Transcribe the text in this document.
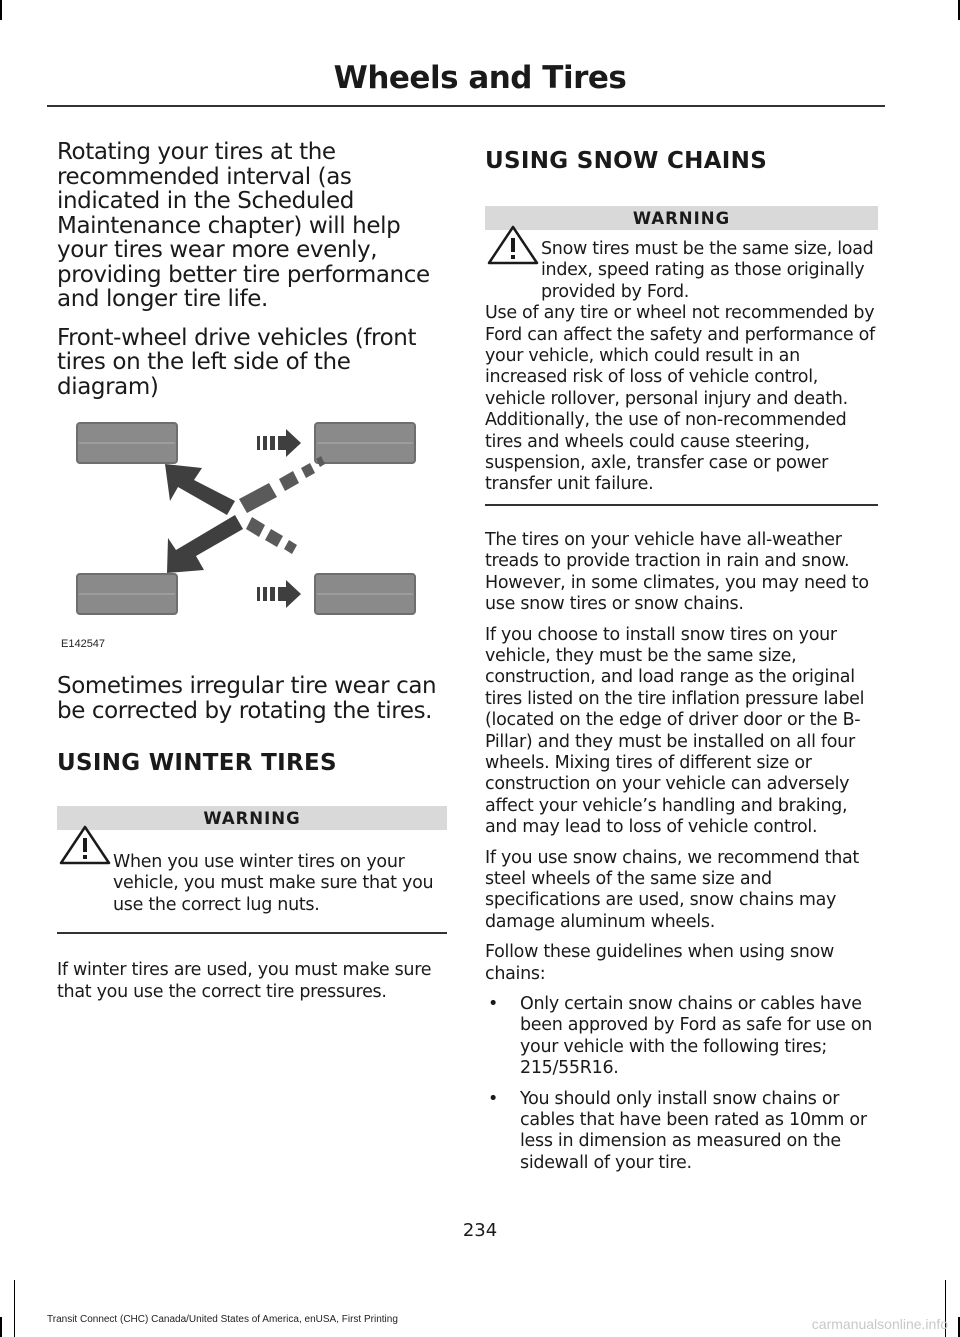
Wheels and Tires

Rotating your tires at the recommended interval (as indicated in the Scheduled Maintenance chapter) will help your tires wear more evenly, providing better tire performance and longer tire life.

Front-wheel drive vehicles (front tires on the left side of the diagram)

E142547

Sometimes irregular tire wear can be corrected by rotating the tires.

USING WINTER TIRES
WARNING
When you use winter tires on your vehicle, you must make sure that you use the correct lug nuts.

If winter tires are used, you must make sure that you use the correct tire pressures.

USING SNOW CHAINS
WARNING
Snow tires must be the same size, load index, speed rating as those originally provided by Ford.
Use of any tire or wheel not recommended by Ford can affect the safety and performance of your vehicle, which could result in an increased risk of loss of vehicle control, vehicle rollover, personal injury and death. Additionally, the use of non-recommended tires and wheels could cause steering, suspension, axle, transfer case or power transfer unit failure.

The tires on your vehicle have all-weather treads to provide traction in rain and snow. However, in some climates, you may need to use snow tires or snow chains.

If you choose to install snow tires on your vehicle, they must be the same size, construction, and load range as the original tires listed on the tire inflation pressure label (located on the edge of driver door or the B-Pillar) and they must be installed on all four wheels. Mixing tires of different size or construction on your vehicle can adversely affect your vehicle’s handling and braking, and may lead to loss of vehicle control.

If you use snow chains, we recommend that steel wheels of the same size and specifications are used, snow chains may damage aluminum wheels.

Follow these guidelines when using snow chains:

• Only certain snow chains or cables have been approved by Ford as safe for use on your vehicle with the following tires; 215/55R16.
• You should only install snow chains or cables that have been rated as 10mm or less in dimension as measured on the sidewall of your tire.
234
Transit Connect (CHC) Canada/United States of America, enUSA, First Printing	carmanualsonline.info
